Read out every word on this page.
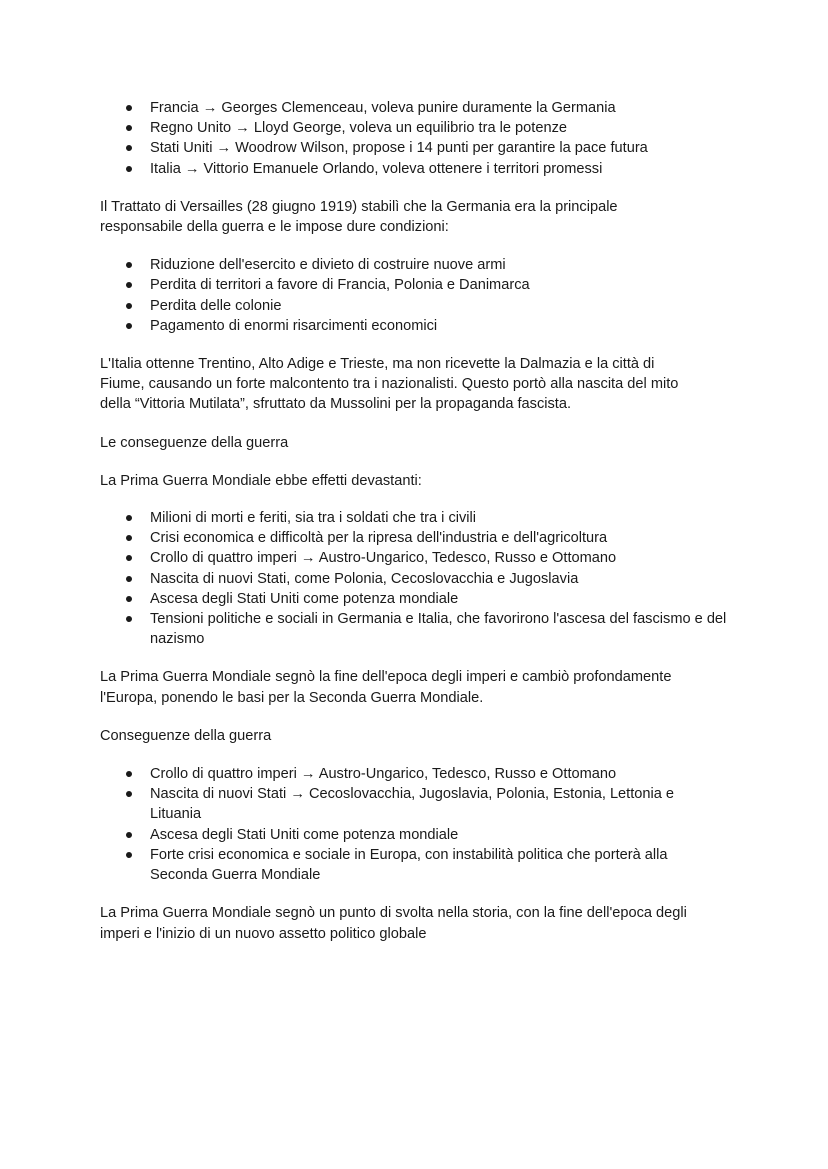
Francia → Georges Clemenceau, voleva punire duramente la Germania
Regno Unito → Lloyd George, voleva un equilibrio tra le potenze
Stati Uniti → Woodrow Wilson, propose i 14 punti per garantire la pace futura
Italia → Vittorio Emanuele Orlando, voleva ottenere i territori promessi

Il Trattato di Versailles (28 giugno 1919) stabilì che la Germania era la principale responsabile della guerra e le impose dure condizioni:

Riduzione dell'esercito e divieto di costruire nuove armi
Perdita di territori a favore di Francia, Polonia e Danimarca
Perdita delle colonie
Pagamento di enormi risarcimenti economici

L'Italia ottenne Trentino, Alto Adige e Trieste, ma non ricevette la Dalmazia e la città di Fiume, causando un forte malcontento tra i nazionalisti. Questo portò alla nascita del mito della “Vittoria Mutilata”, sfruttato da Mussolini per la propaganda fascista.

Le conseguenze della guerra

La Prima Guerra Mondiale ebbe effetti devastanti:

Milioni di morti e feriti, sia tra i soldati che tra i civili
Crisi economica e difficoltà per la ripresa dell'industria e dell'agricoltura
Crollo di quattro imperi → Austro-Ungarico, Tedesco, Russo e Ottomano
Nascita di nuovi Stati, come Polonia, Cecoslovacchia e Jugoslavia
Ascesa degli Stati Uniti come potenza mondiale
Tensioni politiche e sociali in Germania e Italia, che favorirono l'ascesa del fascismo e del nazismo

La Prima Guerra Mondiale segnò la fine dell'epoca degli imperi e cambiò profondamente l'Europa, ponendo le basi per la Seconda Guerra Mondiale.

Conseguenze della guerra

Crollo di quattro imperi → Austro-Ungarico, Tedesco, Russo e Ottomano
Nascita di nuovi Stati → Cecoslovacchia, Jugoslavia, Polonia, Estonia, Lettonia e Lituania
Ascesa degli Stati Uniti come potenza mondiale
Forte crisi economica e sociale in Europa, con instabilità politica che porterà alla Seconda Guerra Mondiale

La Prima Guerra Mondiale segnò un punto di svolta nella storia, con la fine dell'epoca degli imperi e l'inizio di un nuovo assetto politico globale
